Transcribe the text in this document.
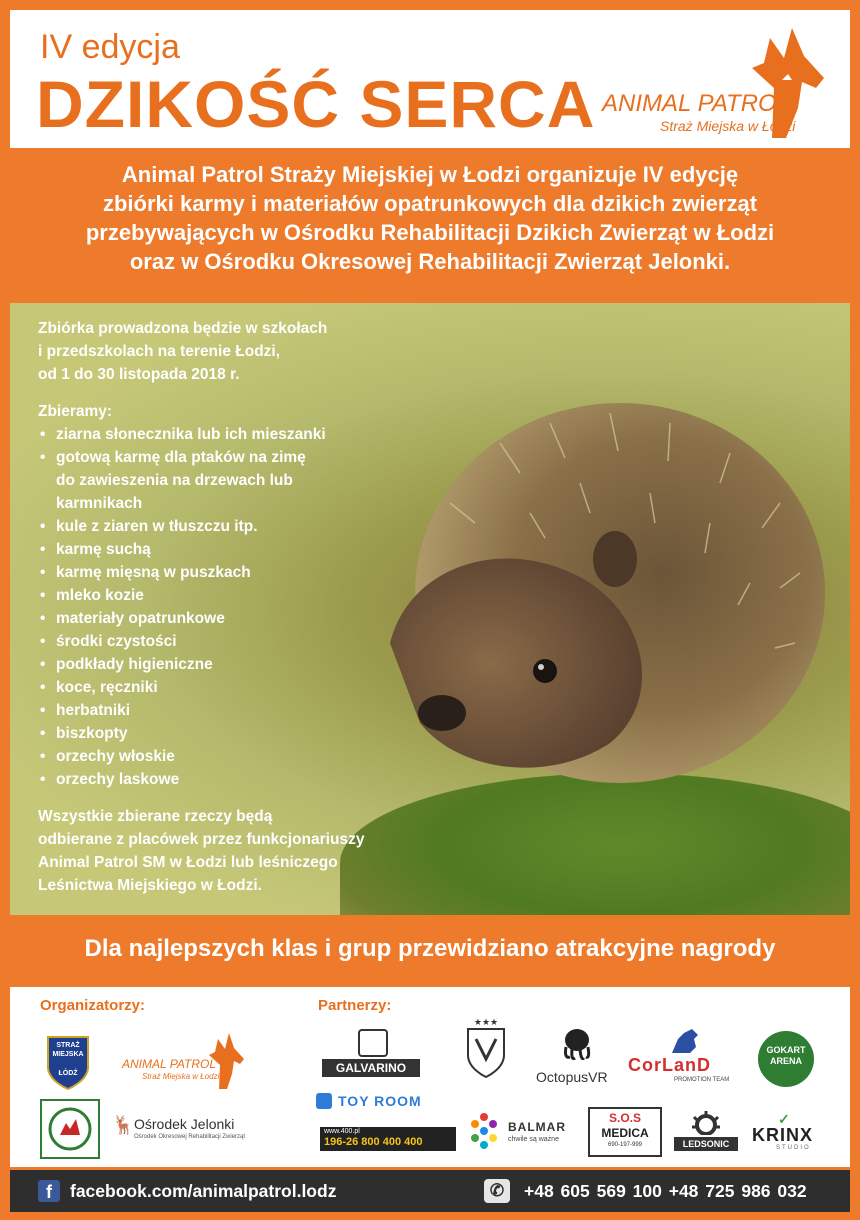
IV edycja
DZIKOŚĆ SERCA ANIMAL PATROL
Straż Miejska w Łodzi
Animal Patrol Straży Miejskiej w Łodzi organizuje IV edycję
zbiórki karmy i materiałów opatrunkowych dla dzikich zwierząt
przebywających w Ośrodku Rehabilitacji Dzikich Zwierząt w Łodzi
oraz w Ośrodku Okresowej Rehabilitacji Zwierząt Jelonki.
Zbiórka prowadzona będzie w szkołach
i przedszkolach na terenie Łodzi,
od 1 do 30 listopada 2018 r.
Zbieramy:
• ziarna słonecznika lub ich mieszanki
• gotową karmę dla ptaków na zimę
do zawieszenia na drzewach lub
karmnikach
• kule z ziaren w tłuszczu itp.
• karmę suchą
• karmę mięsną w puszkach
• mleko kozie
• materiały opatrunkowe
• środki czystości
• podkłady higieniczne
• koce, ręczniki
• herbatniki
• biszkopty
• orzechy włoskie
• orzechy laskowe
Wszystkie zbierane rzeczy będą
odbierane z placówek przez funkcjonariuszy
Animal Patrol SM w Łodzi lub leśniczego
Leśnictwa Miejskiego w Łodzi.
Dla najlepszych klas i grup przewidziano atrakcyjne nagrody
Organizatorzy:	Partnerzy:
STRAŻ
MIEJSKA
ŁÓDŹ
ANIMAL PATROL
Straż Miejska w Łodzi
🦌 Ośrodek Jelonki
Ośrodek Okresowej Rehabilitacji Zwierząt
GALVARINO
TOY ROOM
www.400.pl
196-26 800 400 400
★★★
OctopusVR
CorLanD
PROMOTION TEAM
GOKART ARENA
BALMAR
chwile są ważne
S.O.S
MEDICA
690-197-999	LEDSONIC
✓
KRINX
STUDIO
f	facebook.com/animalpatrol.lodz	✆	+48 605 569 100 +48 725 986 032
